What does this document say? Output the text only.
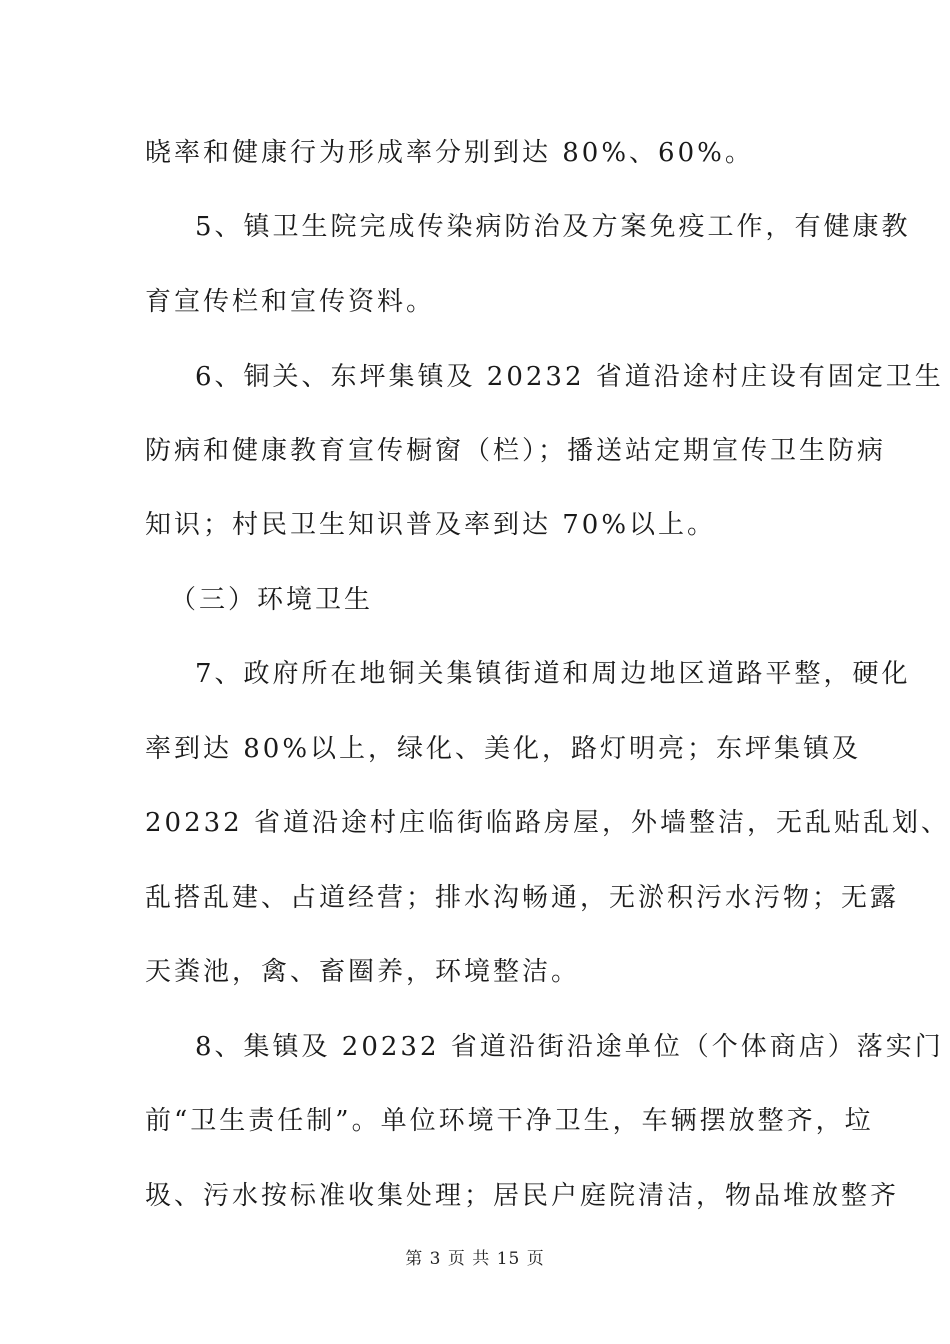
晓率和健康行为形成率分别到达 80%、60%。
5、镇卫生院完成传染病防治及方案免疫工作，有健康教
育宣传栏和宣传资料。
6、铜关、东坪集镇及 20232 省道沿途村庄设有固定卫生
防病和健康教育宣传橱窗（栏）；播送站定期宣传卫生防病
知识；村民卫生知识普及率到达 70%以上。
（三）环境卫生
7、政府所在地铜关集镇街道和周边地区道路平整，硬化
率到达 80%以上，绿化、美化，路灯明亮；东坪集镇及
20232 省道沿途村庄临街临路房屋，外墙整洁，无乱贴乱划、
乱搭乱建、占道经营；排水沟畅通，无淤积污水污物；无露
天粪池，禽、畜圈养，环境整洁。
8、集镇及 20232 省道沿街沿途单位（个体商店）落实门
前“卫生责任制”。单位环境干净卫生，车辆摆放整齐，垃
圾、污水按标准收集处理；居民户庭院清洁，物品堆放整齐
第 3 页 共 15 页
